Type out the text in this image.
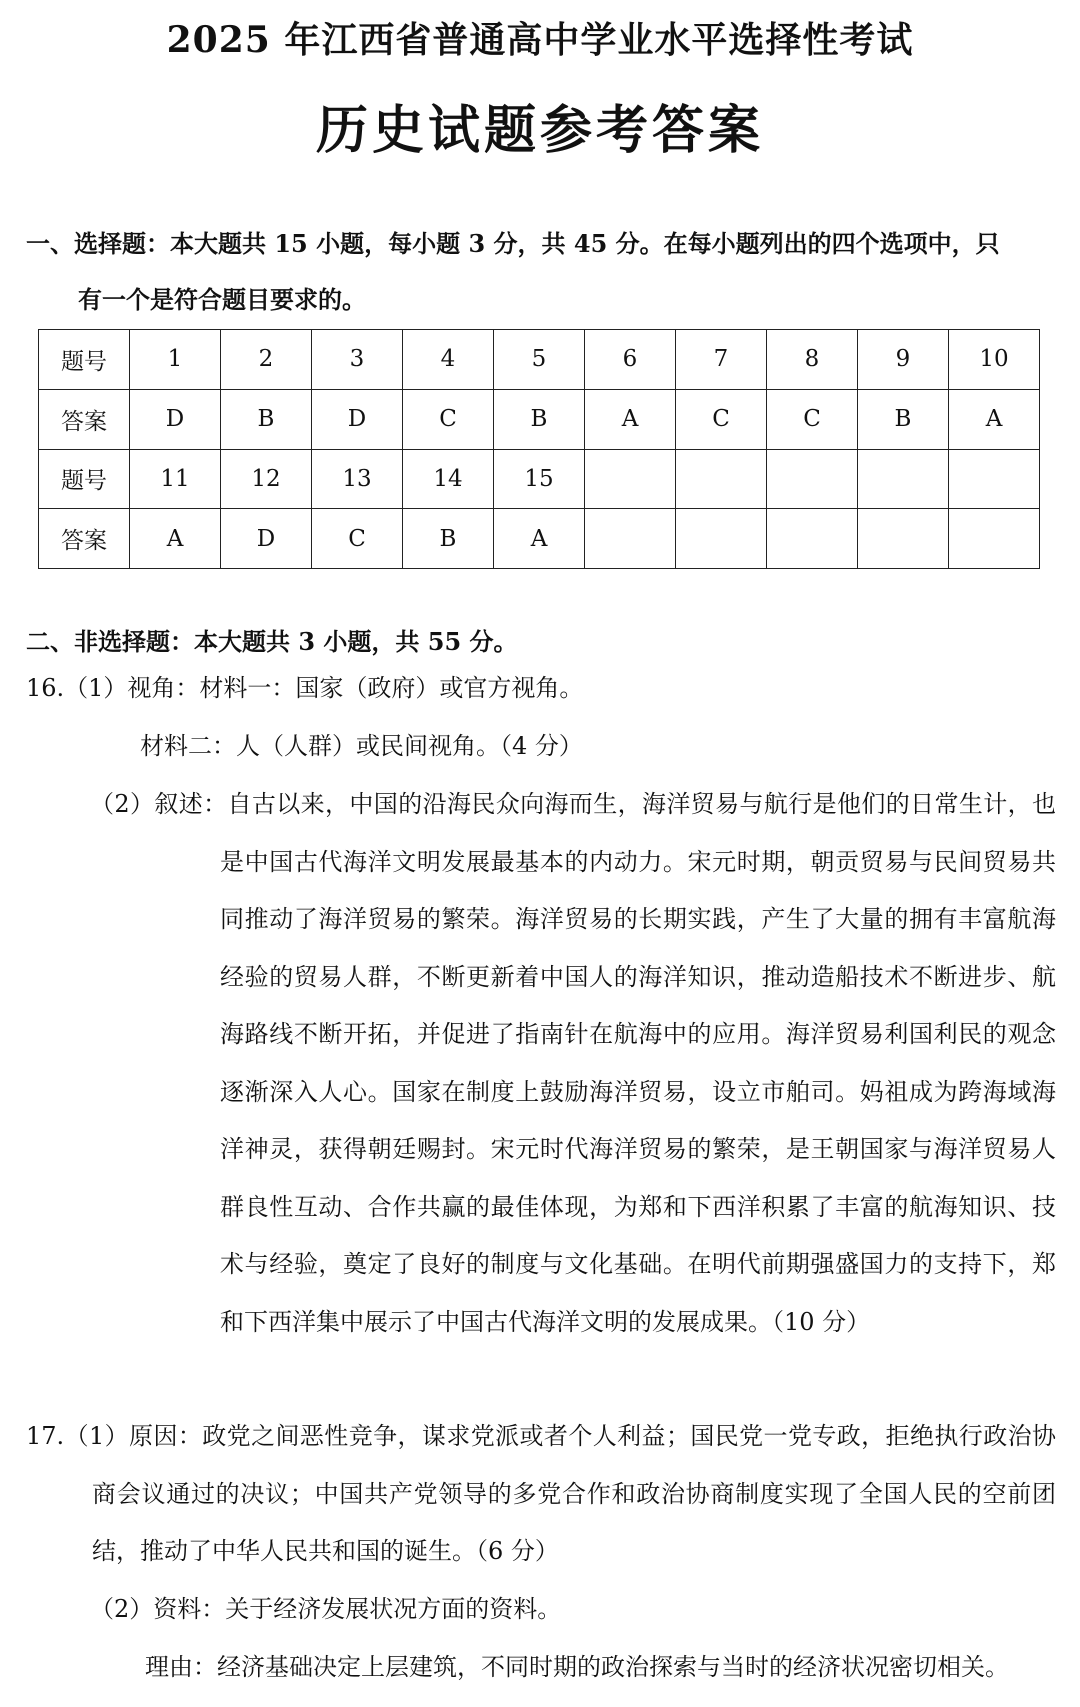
2025 年江西省普通高中学业水平选择性考试
历史试题参考答案
一、选择题：本大题共 15 小题，每小题 3 分，共 45 分。在每小题列出的四个选项中，只
有一个是符合题目要求的。
题号	1	2	3	4	5	6	7	8	9	10
答案	D	B	D	C	B	A	C	C	B	A
题号	11	12	13	14	15					
答案	A	D	C	B	A					
二、非选择题：本大题共 3 小题，共 55 分。
16.（1）视角：材料一：国家（政府）或官方视角。
材料二：人（人群）或民间视角。（4 分）
（2）叙述：自古以来，中国的沿海民众向海而生，海洋贸易与航行是他们的日常生计，也是中国古代海洋文明发展最基本的内动力。宋元时期，朝贡贸易与民间贸易共同推动了海洋贸易的繁荣。海洋贸易的长期实践，产生了大量的拥有丰富航海经验的贸易人群，不断更新着中国人的海洋知识，推动造船技术不断进步、航海路线不断开拓，并促进了指南针在航海中的应用。海洋贸易利国利民的观念逐渐深入人心。国家在制度上鼓励海洋贸易，设立市舶司。妈祖成为跨海域海洋神灵，获得朝廷赐封。宋元时代海洋贸易的繁荣，是王朝国家与海洋贸易人群良性互动、合作共赢的最佳体现，为郑和下西洋积累了丰富的航海知识、技术与经验，奠定了良好的制度与文化基础。在明代前期强盛国力的支持下，郑和下西洋集中展示了中国古代海洋文明的发展成果。（10 分）
17.（1）原因：政党之间恶性竞争，谋求党派或者个人利益；国民党一党专政，拒绝执行政治协商会议通过的决议；中国共产党领导的多党合作和政治协商制度实现了全国人民的空前团结，推动了中华人民共和国的诞生。（6 分）
（2）资料：关于经济发展状况方面的资料。
理由：经济基础决定上层建筑，不同时期的政治探索与当时的经济状况密切相关。
